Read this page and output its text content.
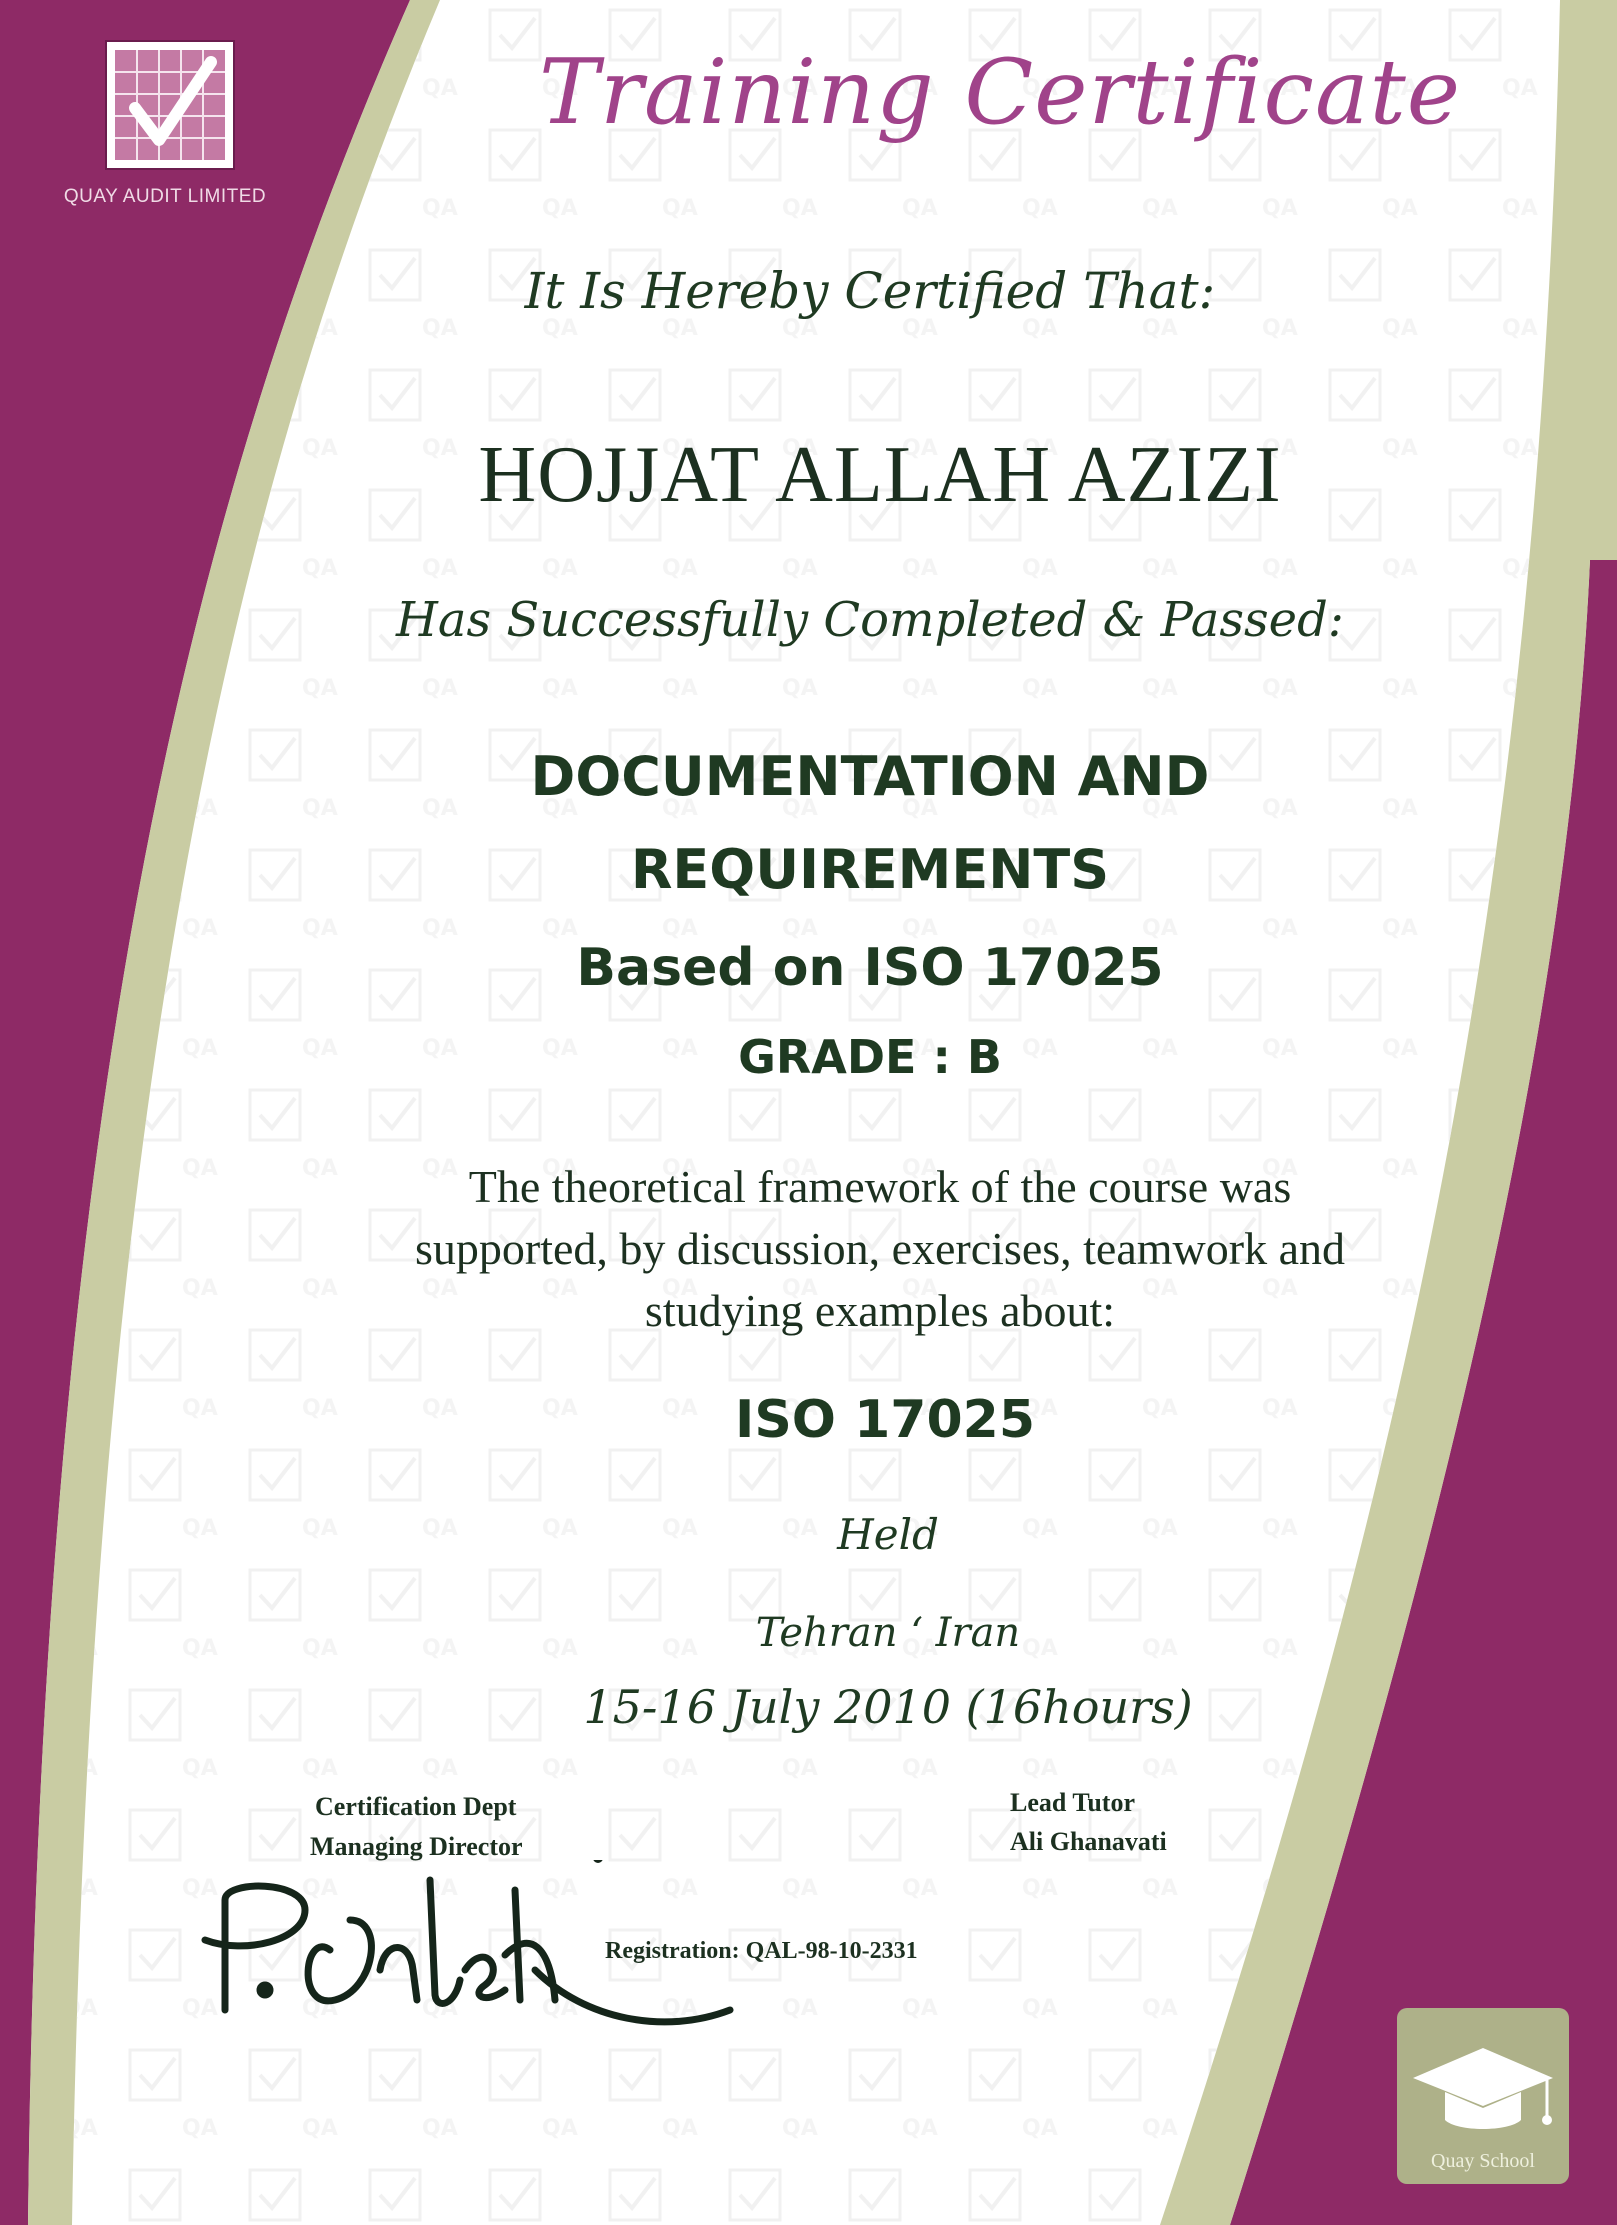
QUAY AUDIT LIMITED
Training Certificate
It Is Hereby Certified That:
HOJJAT ALLAH AZIZI
Has Successfully Completed & Passed:
DOCUMENTATION AND
REQUIREMENTS
Based on ISO 17025
GRADE : B
The theoretical framework of the course was
supported, by discussion, exercises, teamwork and
studying examples about:
ISO 17025
Held
Tehran ‘ Iran
15-16 July 2010 (16hours)
Certification Dept
Managing Director
Lead Tutor
Ali Ghanavati
Registration: QAL-98-10-2331
Quay School
